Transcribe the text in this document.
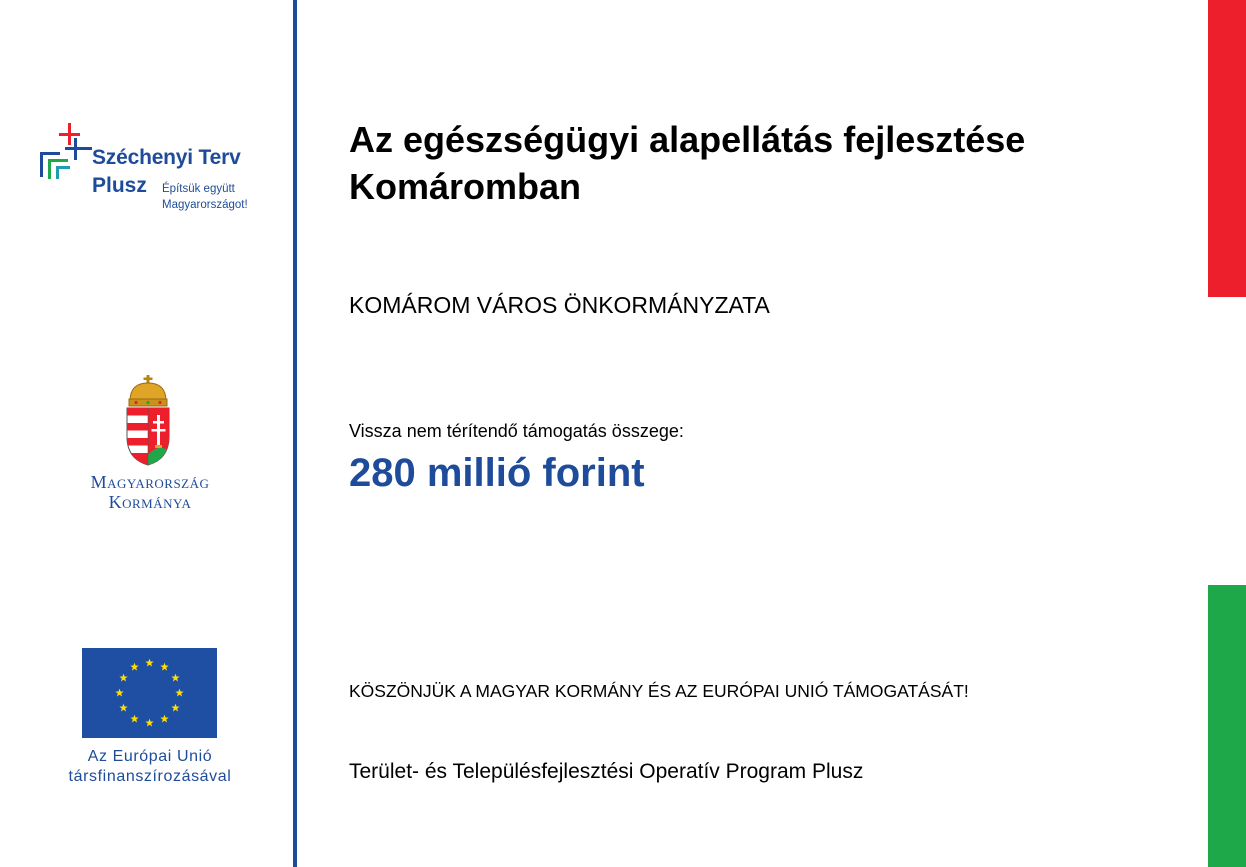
Széchenyi Terv
Plusz Építsük együtt
Magyarországot!
Magyarország
Kormánya
Az Európai Unió
társfinanszírozásával
Az egészségügyi alapellátás fejlesztése Komáromban
KOMÁROM VÁROS ÖNKORMÁNYZATA
Vissza nem térítendő támogatás összege:
280 millió forint
KÖSZÖNJÜK A MAGYAR KORMÁNY ÉS AZ EURÓPAI UNIÓ TÁMOGATÁSÁT!
Terület- és Településfejlesztési Operatív Program Plusz
